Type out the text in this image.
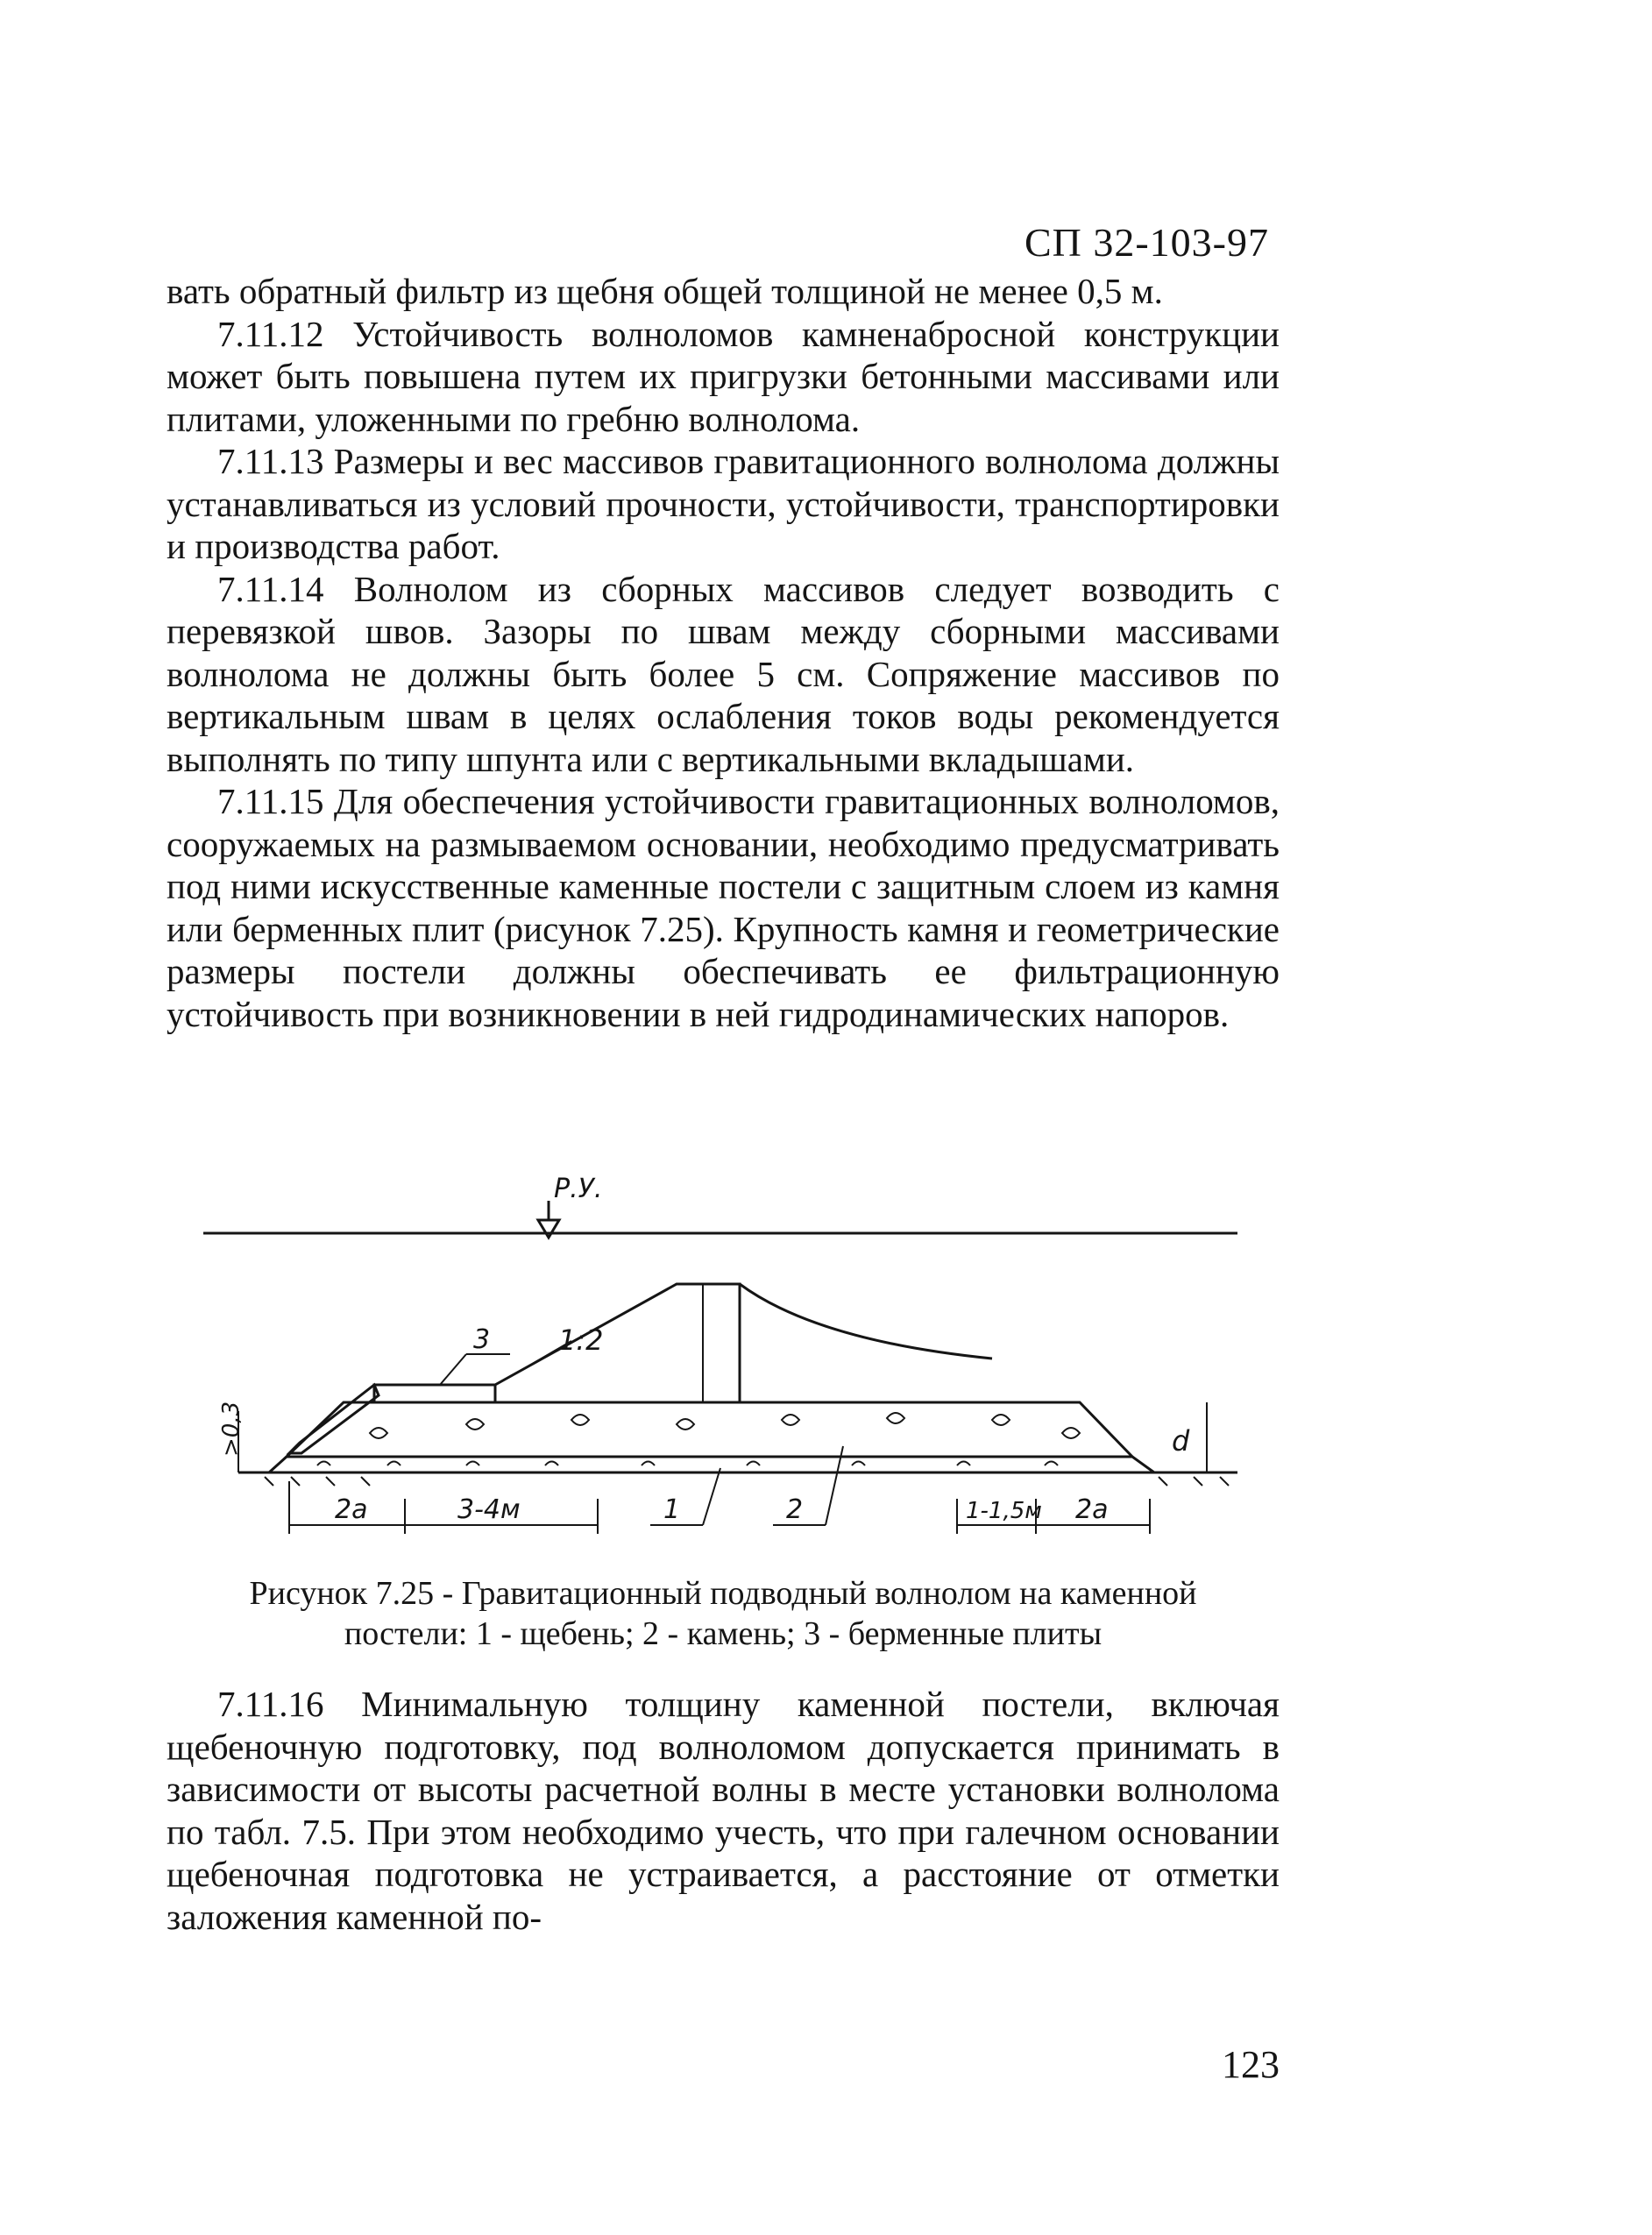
СП 32-103-97

вать обратный фильтр из щебня общей толщиной не менее 0,5 м.

7.11.12 Устойчивость волноломов камненабросной конструкции может быть повышена путем их пригрузки бетонными массивами или плитами, уложенными по гребню волнолома.

7.11.13 Размеры и вес массивов гравитационного волнолома должны устанавливаться из условий прочности, устойчивости, транспортировки и производства работ.

7.11.14 Волнолом из сборных массивов следует возводить с перевязкой швов. Зазоры по швам между сборными массивами волнолома не должны быть более 5 см. Сопряжение массивов по вертикальным швам в целях ослабления токов воды рекомендуется выполнять по типу шпунта или с вертикальными вкладышами.

7.11.15 Для обеспечения устойчивости гравитационных волноломов, сооружаемых на размываемом основании, необходимо предусматривать под ними искусственные каменные постели с защитным слоем из камня или берменных плит (рисунок 7.25). Крупность камня и геометрические размеры постели должны обеспечивать ее фильтрационную устойчивость при возникновении в ней гидродинамических напоров.

Р.У.
1:2
3
>0,3	d
2а	3-4м	1	2	1-1,5м 2а
Рисунок 7.25 - Гравитационный подводный волнолом на каменной
постели: 1 - щебень; 2 - камень; 3 - берменные плиты

7.11.16 Минимальную толщину каменной постели, включая щебеночную подготовку, под волноломом допускается принимать в зависимости от высоты расчетной волны в месте установки волнолома по табл. 7.5. При этом необходимо учесть, что при галечном основании щебеночная подготовка не устраивается, а расстояние от отметки заложения каменной по-

123
